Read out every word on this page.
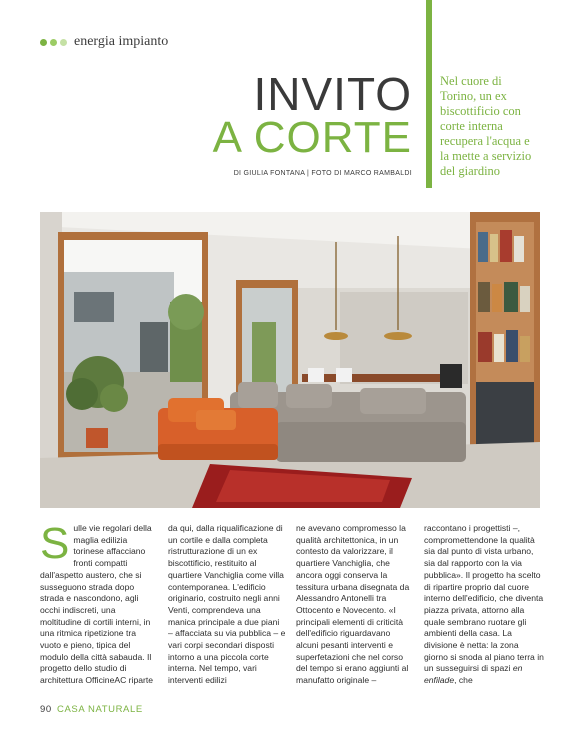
energia impianto
INVITO
A CORTE
DI GIULIA FONTANA | FOTO DI MARCO RAMBALDI
Nel cuore di Torino, un ex biscottificio con corte interna recupera l'acqua e la mette a servizio del giardino

Sulle vie regolari della maglia edilizia torinese affacciano fronti compatti dall'aspetto austero, che si susseguono strada dopo strada e nascondono, agli occhi indiscreti, una moltitudine di cortili interni, in una ritmica ripetizione tra vuoto e pieno, tipica del modulo della città sabauda. Il progetto dello studio di architettura OfficineAC riparte

da qui, dalla riqualificazione di un cortile e dalla completa ristrutturazione di un ex biscottificio, restituito al quartiere Vanchiglia come villa contemporanea. L'edificio originario, costruito negli anni Venti, comprendeva una manica principale a due piani – affacciata su via pubblica – e vari corpi secondari disposti intorno a una piccola corte interna. Nel tempo, vari interventi edilizi

ne avevano compromesso la qualità architettonica, in un contesto da valorizzare, il quartiere Vanchiglia, che ancora oggi conserva la tessitura urbana disegnata da Alessandro Antonelli tra Ottocento e Novecento. «I principali elementi di criticità dell'edificio riguardavano alcuni pesanti interventi e superfetazioni che nel corso del tempo si erano aggiunti al manufatto originale –

raccontano i progettisti –, compromettendone la qualità sia dal punto di vista urbano, sia dal rapporto con la via pubblica». Il progetto ha scelto di ripartire proprio dal cuore interno dell'edificio, che diventa piazza privata, attorno alla quale sembrano ruotare gli ambienti della casa. La divisione è netta: la zona giorno si snoda al piano terra in un susseguirsi di spazi en enfilade, che

90 CASA NATURALE
